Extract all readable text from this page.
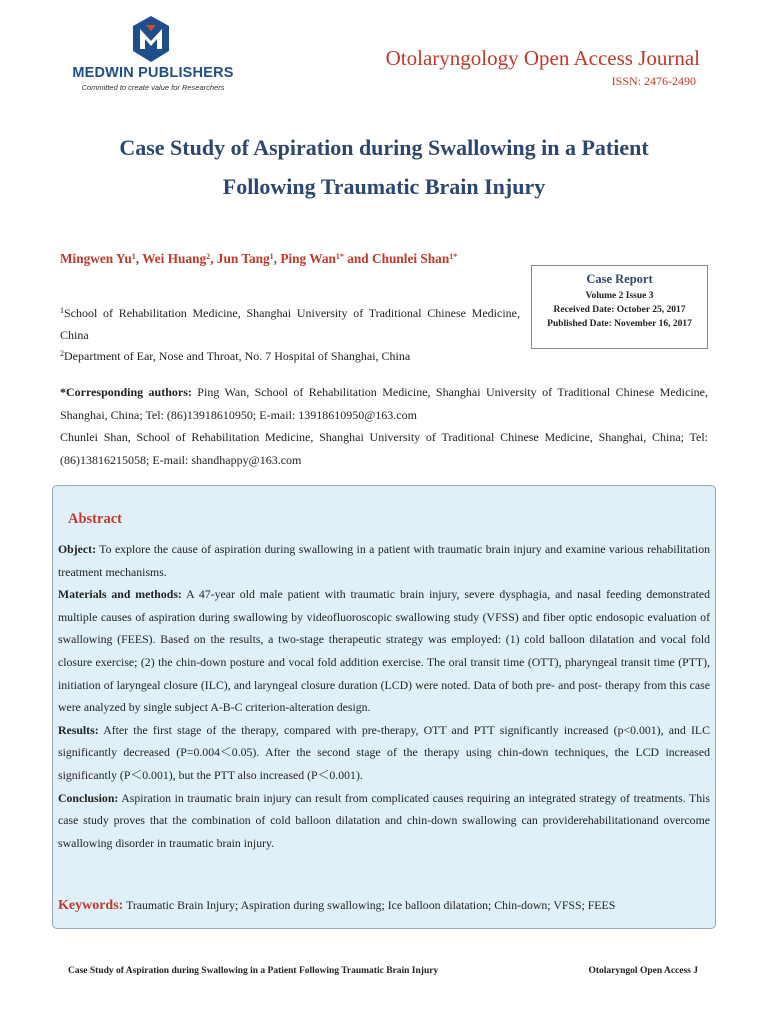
MEDWIN PUBLISHERS
Committed to create value for Researchers
Otolaryngology Open Access Journal
ISSN: 2476-2490
Case Study of Aspiration during Swallowing in a Patient
Following Traumatic Brain Injury
Mingwen Yu$^1$, Wei Huang$^2$, Jun Tang$^1$, Ping Wan$^{1*}$ and Chunlei Shan$^{1*}$
$^1$School of Rehabilitation Medicine, Shanghai University of Traditional Chinese Medicine, China
$^2$Department of Ear, Nose and Throat, No. 7 Hospital of Shanghai, China
Case Report
Volume 2 Issue 3
Received Date: October 25, 2017
Published Date: November 16, 2017
*Corresponding authors: Ping Wan, School of Rehabilitation Medicine, Shanghai University of Traditional Chinese Medicine, Shanghai, China; Tel: (86)13918610950; E-mail: 13918610950@163.com
Chunlei Shan, School of Rehabilitation Medicine, Shanghai University of Traditional Chinese Medicine, Shanghai, China; Tel: (86)13816215058; E-mail: shandhappy@163.com
Abstract

Object: To explore the cause of aspiration during swallowing in a patient with traumatic brain injury and examine various rehabilitation treatment mechanisms.

Materials and methods: A 47-year old male patient with traumatic brain injury, severe dysphagia, and nasal feeding demonstrated multiple causes of aspiration during swallowing by videofluoroscopic swallowing study (VFSS) and fiber optic endosopic evaluation of swallowing (FEES). Based on the results, a two-stage therapeutic strategy was employed: (1) cold balloon dilatation and vocal fold closure exercise; (2) the chin-down posture and vocal fold addition exercise. The oral transit time (OTT), pharyngeal transit time (PTT), initiation of laryngeal closure (ILC), and laryngeal closure duration (LCD) were noted. Data of both pre- and post- therapy from this case were analyzed by single subject A-B-C criterion-alteration design.

Results: After the first stage of the therapy, compared with pre-therapy, OTT and PTT significantly increased (p<0.001), and ILC significantly decreased (P=0.004＜0.05). After the second stage of the therapy using chin-down techniques, the LCD increased significantly (P＜0.001), but the PTT also increased (P＜0.001).

Conclusion: Aspiration in traumatic brain injury can result from complicated causes requiring an integrated strategy of treatments. This case study proves that the combination of cold balloon dilatation and chin-down swallowing can providerehabilitationand overcome swallowing disorder in traumatic brain injury.

Keywords: Traumatic Brain Injury; Aspiration during swallowing; Ice balloon dilatation; Chin-down; VFSS; FEES
Case Study of Aspiration during Swallowing in a Patient Following Traumatic Brain Injury	Otolaryngol Open Access J
